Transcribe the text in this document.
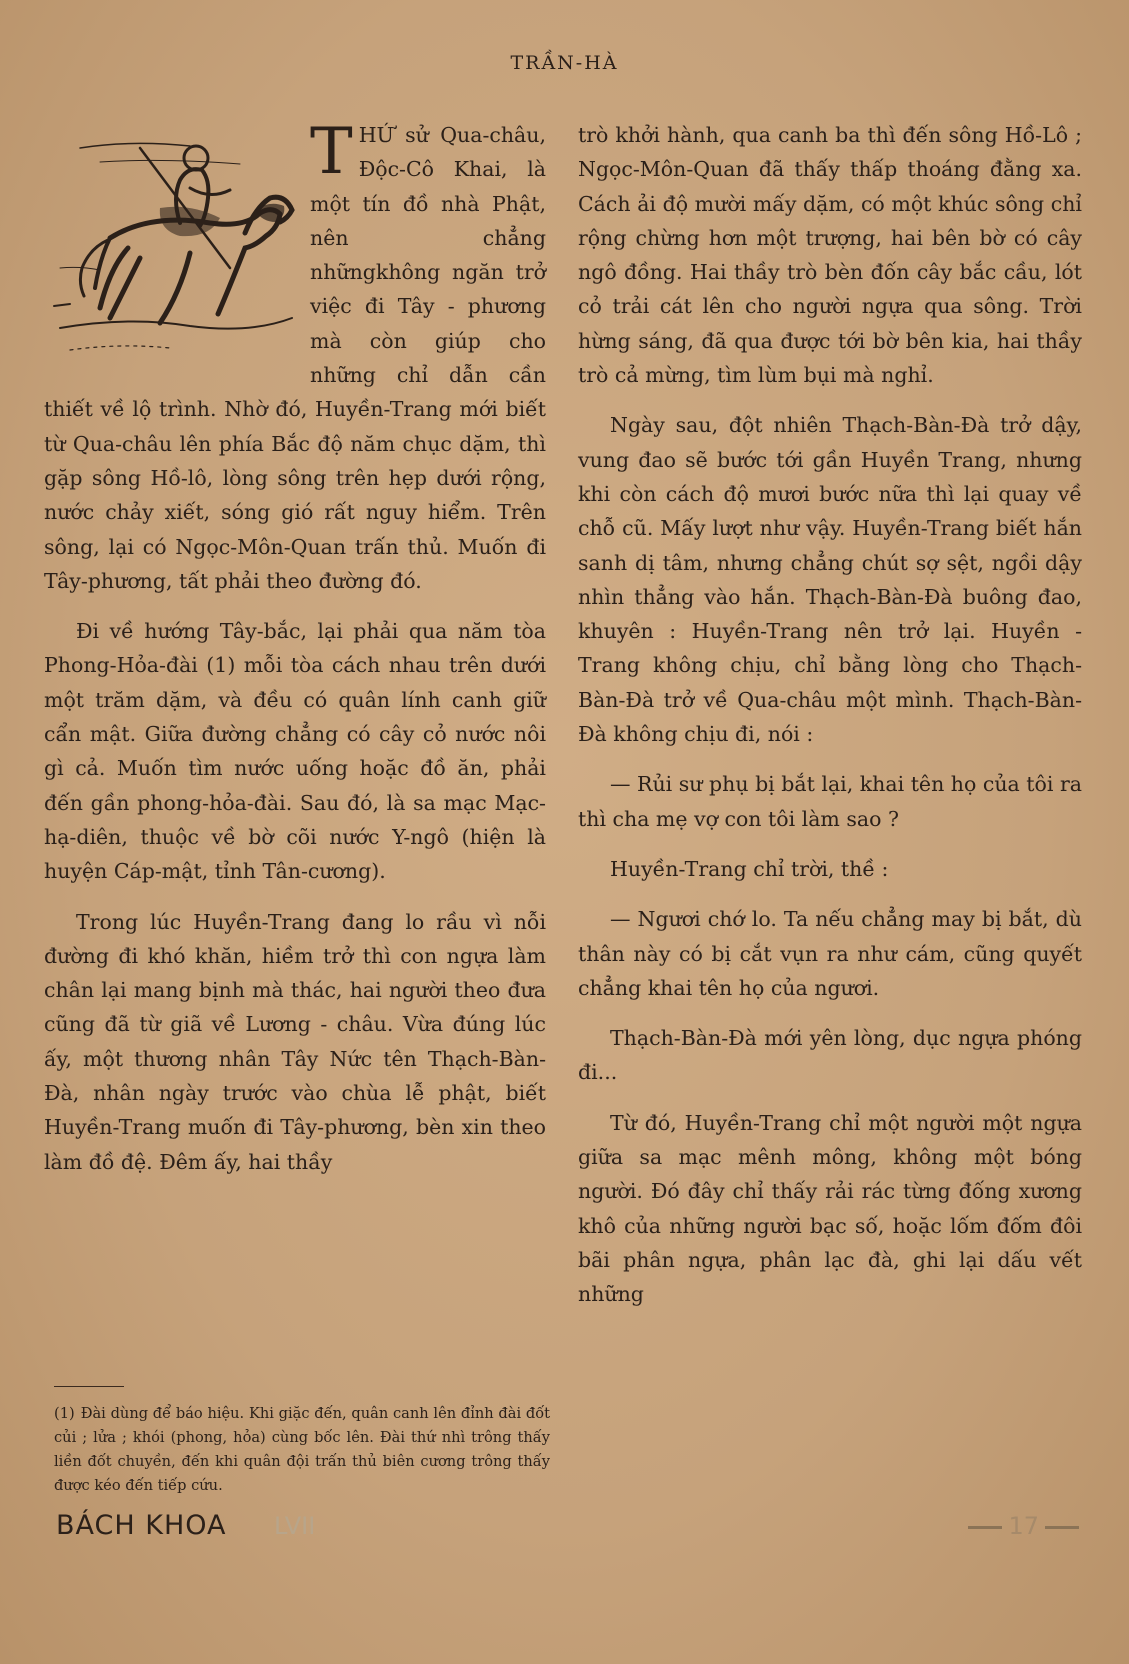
TRẦN-HÀ

THỨ sử Qua-châu, Độc-Cô Khai, là một tín đồ nhà Phật, nên chẳng nhữngkhông ngăn trở việc đi Tây - phương mà còn giúp cho những chỉ dẫn cần thiết về lộ trình. Nhờ đó, Huyền-Trang mới biết từ Qua-châu lên phía Bắc độ năm chục dặm, thì gặp sông Hồ-lô, lòng sông trên hẹp dưới rộng, nước chảy xiết, sóng gió rất nguy hiểm. Trên sông, lại có Ngọc-Môn-Quan trấn thủ. Muốn đi Tây-phương, tất phải theo đường đó.

Đi về hướng Tây-bắc, lại phải qua năm tòa Phong-Hỏa-đài (1) mỗi tòa cách nhau trên dưới một trăm dặm, và đều có quân lính canh giữ cẩn mật. Giữa đường chẳng có cây cỏ nước nôi gì cả. Muốn tìm nước uống hoặc đồ ăn, phải đến gần phong-hỏa-đài. Sau đó, là sa mạc Mạc-hạ-diên, thuộc về bờ cõi nước Y-ngô (hiện là huyện Cáp-mật, tỉnh Tân-cương).

Trong lúc Huyền-Trang đang lo rầu vì nỗi đường đi khó khăn, hiềm trở thì con ngựa làm chân lại mang bịnh mà thác, hai người theo đưa cũng đã từ giã về Lương - châu. Vừa đúng lúc ấy, một thương nhân Tây Nức tên Thạch-Bàn-Đà, nhân ngày trước vào chùa lễ phật, biết Huyền-Trang muốn đi Tây-phương, bèn xin theo làm đồ đệ. Đêm ấy, hai thầy

(1) Đài dùng để báo hiệu. Khi giặc đến, quân canh lên đỉnh đài đốt củi ; lửa ; khói (phong, hỏa) cùng bốc lên. Đài thứ nhì trông thấy liền đốt chuyền, đến khi quân đội trấn thủ biên cương trông thấy được kéo đến tiếp cứu.

trò khởi hành, qua canh ba thì đến sông Hồ-Lô ; Ngọc-Môn-Quan đã thấy thấp thoáng đằng xa. Cách ải độ mười mấy dặm, có một khúc sông chỉ rộng chừng hơn một trượng, hai bên bờ có cây ngô đồng. Hai thầy trò bèn đốn cây bắc cầu, lót cỏ trải cát lên cho người ngựa qua sông. Trời hừng sáng, đã qua được tới bờ bên kia, hai thầy trò cả mừng, tìm lùm bụi mà nghỉ.

Ngày sau, đột nhiên Thạch-Bàn-Đà trở dậy, vung đao sẽ bước tới gần Huyền Trang, nhưng khi còn cách độ mươi bước nữa thì lại quay về chỗ cũ. Mấy lượt như vậy. Huyền-Trang biết hắn sanh dị tâm, nhưng chẳng chút sợ sệt, ngồi dậy nhìn thẳng vào hắn. Thạch-Bàn-Đà buông đao, khuyên : Huyền-Trang nên trở lại. Huyền - Trang không chịu, chỉ bằng lòng cho Thạch-Bàn-Đà trở về Qua-châu một mình. Thạch-Bàn-Đà không chịu đi, nói :

— Rủi sư phụ bị bắt lại, khai tên họ của tôi ra thì cha mẹ vợ con tôi làm sao ?

Huyền-Trang chỉ trời, thề :

— Ngươi chớ lo. Ta nếu chẳng may bị bắt, dù thân này có bị cắt vụn ra như cám, cũng quyết chẳng khai tên họ của ngươi.

Thạch-Bàn-Đà mới yên lòng, dục ngựa phóng đi...

Từ đó, Huyền-Trang chỉ một người một ngựa giữa sa mạc mênh mông, không một bóng người. Đó đây chỉ thấy rải rác từng đống xương khô của những người bạc số, hoặc lốm đốm đôi bãi phân ngựa, phân lạc đà, ghi lại dấu vết những

BÁCH KHOA LVII	17
